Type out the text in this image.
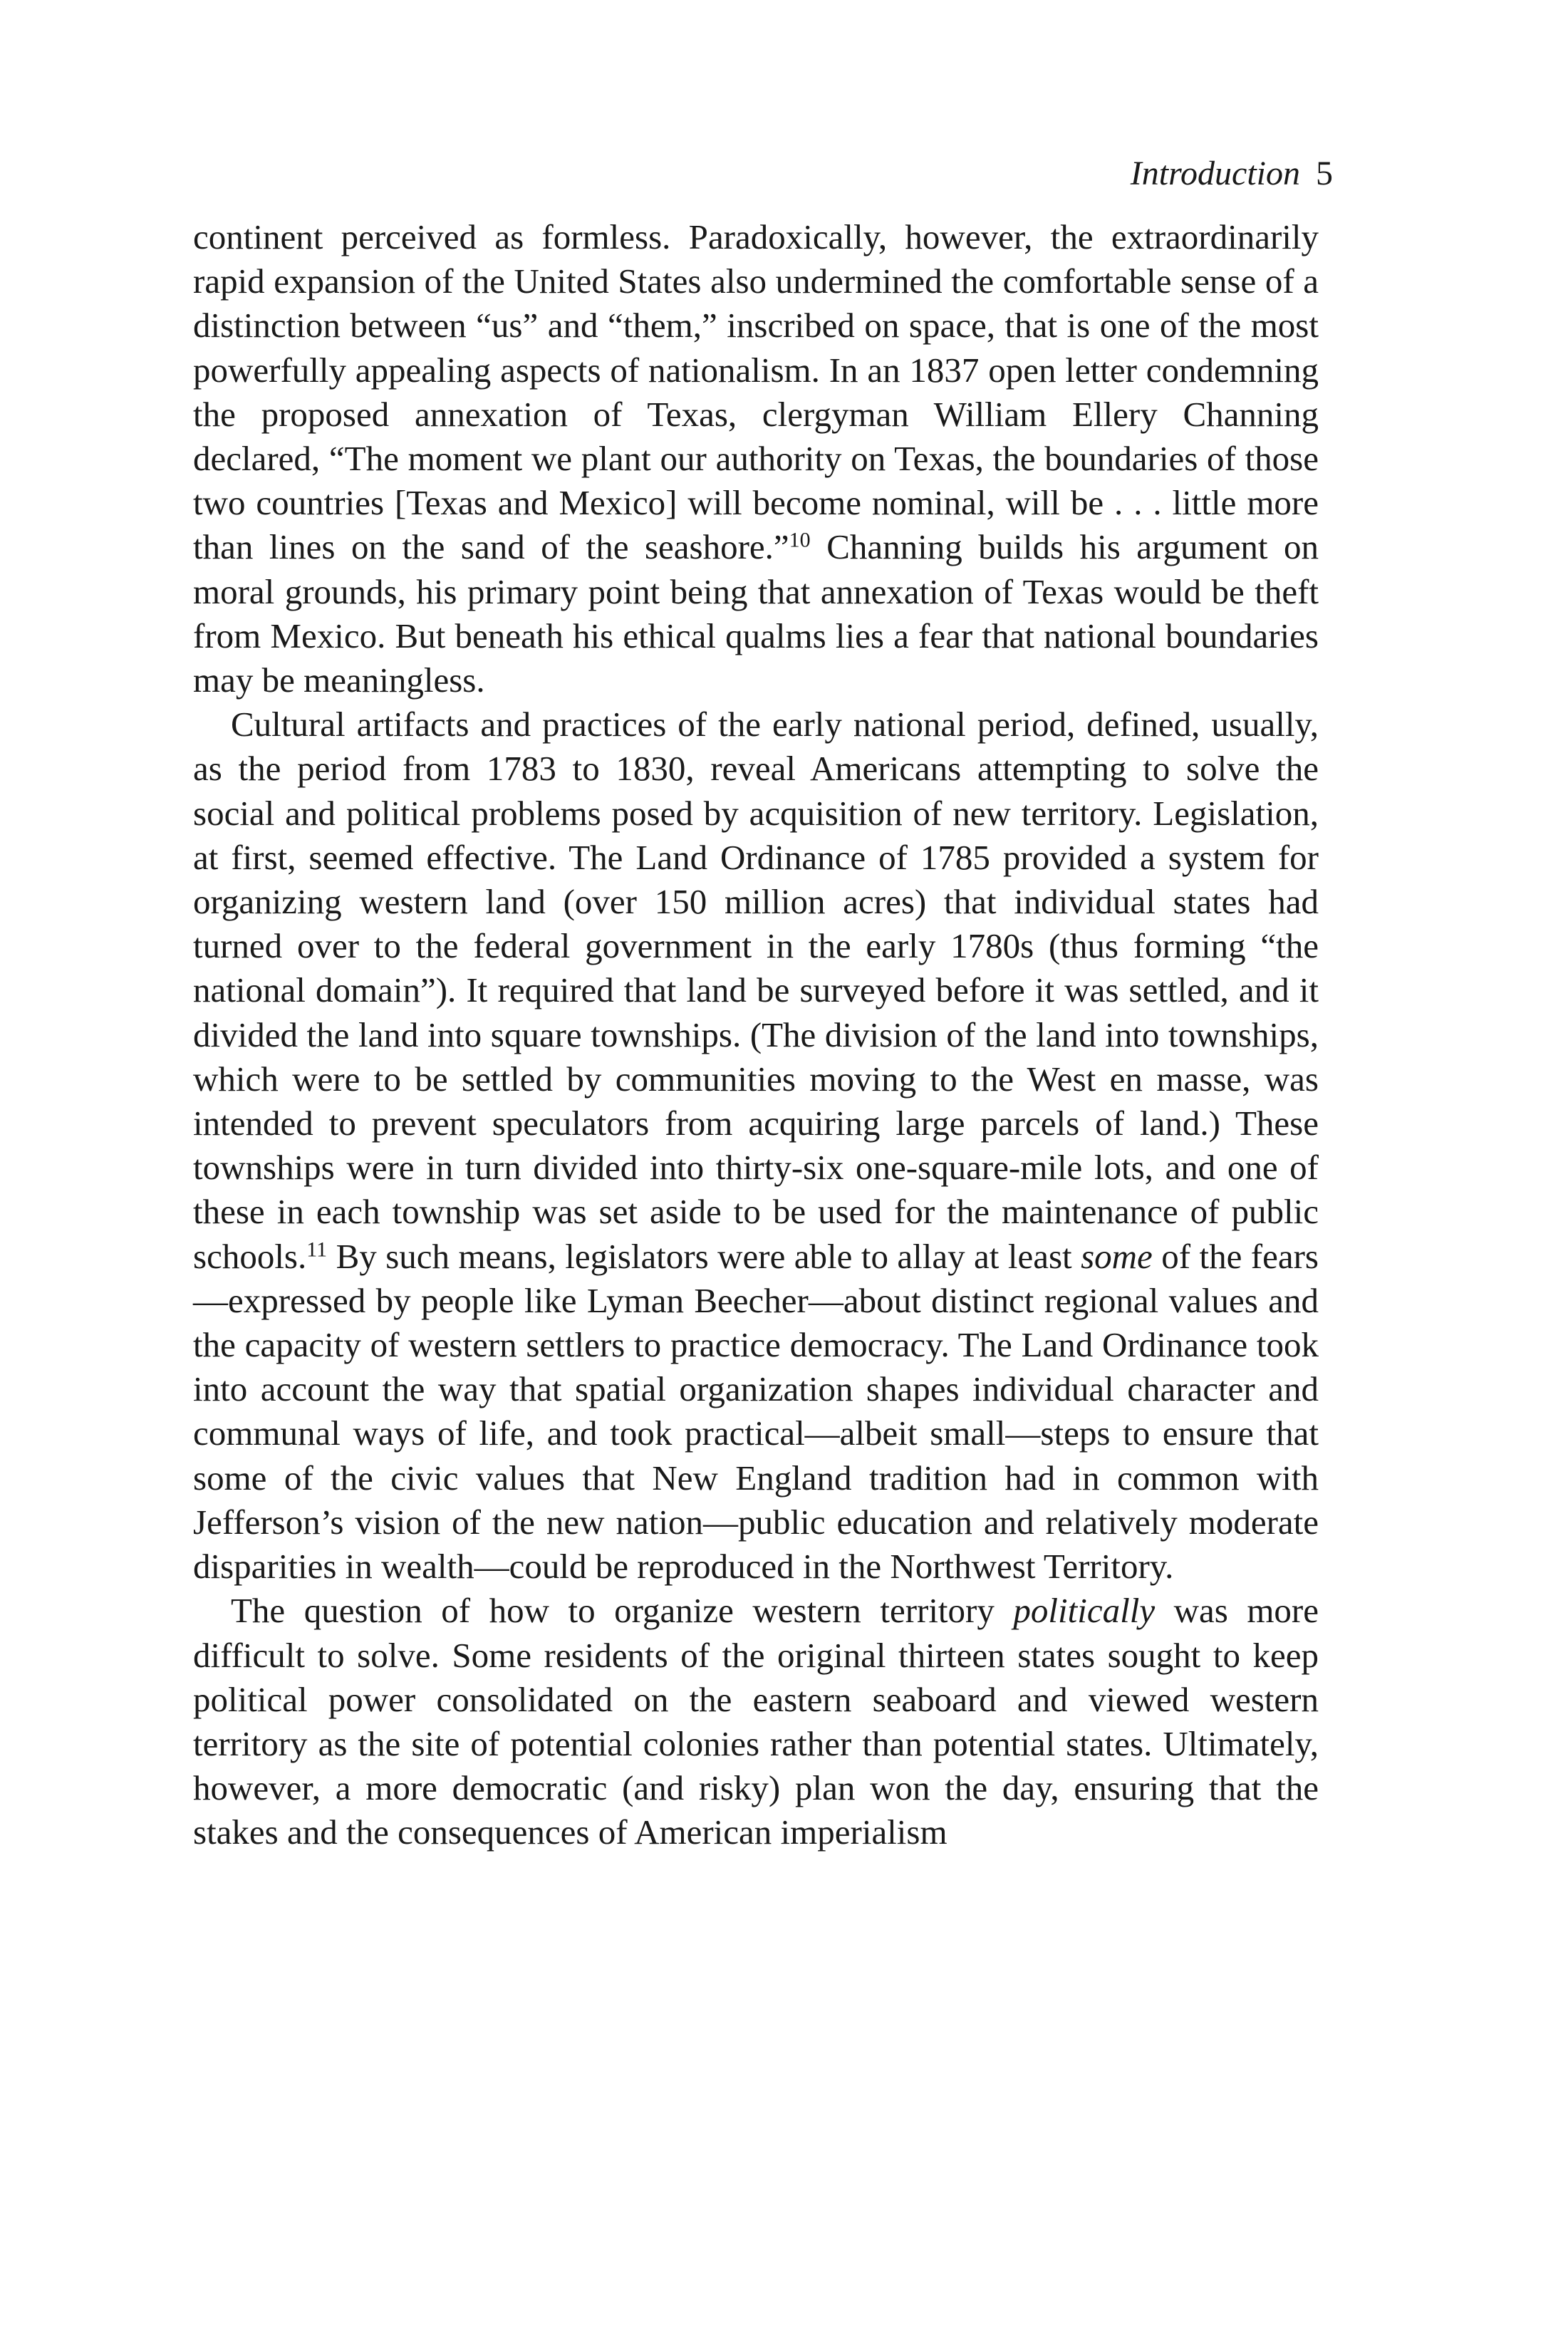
Introduction 5

continent perceived as formless. Paradoxically, however, the extraordinarily rapid expansion of the United States also undermined the comfortable sense of a distinction between “us” and “them,” inscribed on space, that is one of the most powerfully appealing aspects of nationalism. In an 1837 open letter condemning the proposed annexation of Texas, clergyman William Ellery Channing declared, “The moment we plant our authority on Texas, the boundaries of those two countries [Texas and Mexico] will become nominal, will be . . . little more than lines on the sand of the seashore.”$^{10}$ Channing builds his argument on moral grounds, his primary point being that annexation of Texas would be theft from Mexico. But beneath his ethical qualms lies a fear that national boundaries may be meaningless.

Cultural artifacts and practices of the early national period, defined, usually, as the period from 1783 to 1830, reveal Americans attempting to solve the social and political problems posed by acquisition of new territory. Legislation, at first, seemed effective. The Land Ordinance of 1785 provided a system for organizing western land (over 150 million acres) that individual states had turned over to the federal government in the early 1780s (thus forming “the national domain”). It required that land be surveyed before it was settled, and it divided the land into square townships. (The division of the land into townships, which were to be settled by communities moving to the West en masse, was intended to prevent speculators from acquiring large parcels of land.) These townships were in turn divided into thirty-six one-square-mile lots, and one of these in each township was set aside to be used for the maintenance of public schools.$^{11}$ By such means, legislators were able to allay at least some of the fears—expressed by people like Lyman Beecher—about distinct regional values and the capacity of western settlers to practice democracy. The Land Ordinance took into account the way that spatial organization shapes individual character and communal ways of life, and took practical—albeit small—steps to ensure that some of the civic values that New England tradition had in common with Jefferson’s vision of the new nation—public education and relatively moderate disparities in wealth—could be reproduced in the Northwest Territory.

The question of how to organize western territory politically was more difficult to solve. Some residents of the original thirteen states sought to keep political power consolidated on the eastern seaboard and viewed western territory as the site of potential colonies rather than potential states. Ultimately, however, a more democratic (and risky) plan won the day, ensuring that the stakes and the consequences of American imperialism
